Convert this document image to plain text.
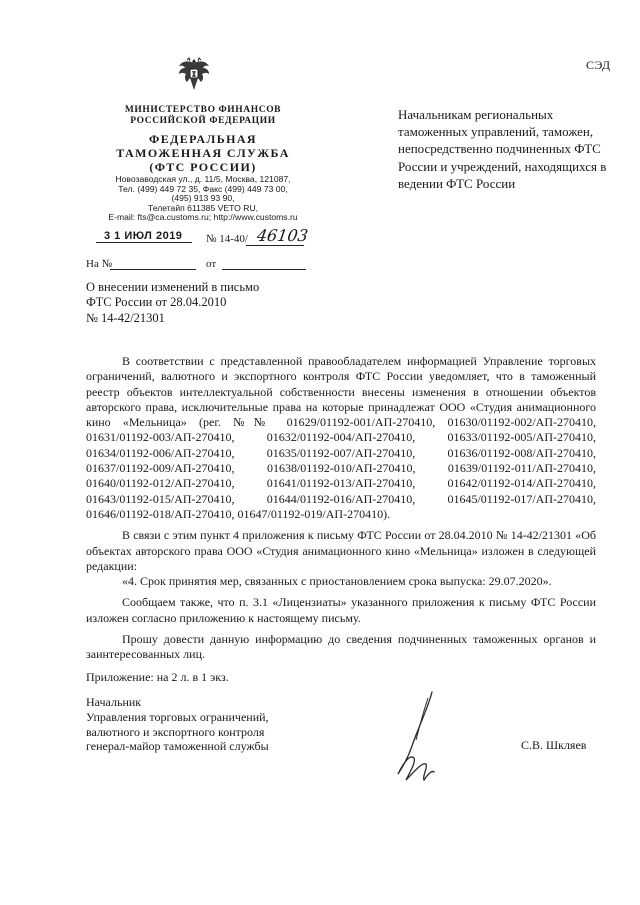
СЭД
МИНИСТЕРСТВО ФИНАНСОВ
РОССИЙСКОЙ ФЕДЕРАЦИИ
ФЕДЕРАЛЬНАЯ
ТАМОЖЕННАЯ СЛУЖБА
(ФТС РОССИИ)
Новозаводская ул., д. 11/5, Москва, 121087,
Тел. (499) 449 72 35, Факс (499) 449 73 00,
(495) 913 93 90,
Телетайп 611385 VETO RU,
E-mail: fts@ca.customs.ru; http://www.customs.ru
3 1 ИЮЛ 2019 № 14-40/ 46103
На №	от
Начальникам региональных таможенных управлений, таможен, непосредственно подчиненных ФТС России и учреждений, находящихся в ведении ФТС России
О внесении изменений в письмо
ФТС России от 28.04.2010
№ 14-42/21301

В соответствии с представленной правообладателем информацией Управление торговых ограничений, валютного и экспортного контроля ФТС России уведомляет, что в таможенный реестр объектов интеллектуальной собственности внесены изменения в отношении объектов авторского права, исключительные права на которые принадлежат ООО «Студия анимационного кино «Мельница» (рег. №№ 01629/01192-001/АП-270410, 01630/01192-002/АП-270410, 01631/01192-003/АП-270410, 01632/01192-004/АП-270410, 01633/01192-005/АП-270410, 01634/01192-006/АП-270410, 01635/01192-007/АП-270410, 01636/01192-008/АП-270410, 01637/01192-009/АП-270410, 01638/01192-010/АП-270410, 01639/01192-011/АП-270410, 01640/01192-012/АП-270410, 01641/01192-013/АП-270410, 01642/01192-014/АП-270410, 01643/01192-015/АП-270410, 01644/01192-016/АП-270410, 01645/01192-017/АП-270410, 01646/01192-018/АП-270410, 01647/01192-019/АП-270410).

В связи с этим пункт 4 приложения к письму ФТС России от 28.04.2010 № 14-42/21301 «Об объектах авторского права ООО «Студия анимационного кино «Мельница» изложен в следующей редакции:

«4. Срок принятия мер, связанных с приостановлением срока выпуска: 29.07.2020».

Сообщаем также, что п. 3.1 «Лицензиаты» указанного приложения к письму ФТС России изложен согласно приложению к настоящему письму.

Прошу довести данную информацию до сведения подчиненных таможенных органов и заинтересованных лиц.

Приложение: на 2 л. в 1 экз.
Начальник
Управления торговых ограничений,
валютного и экспортного контроля
генерал-майор таможенной службы	С.В. Шкляев
